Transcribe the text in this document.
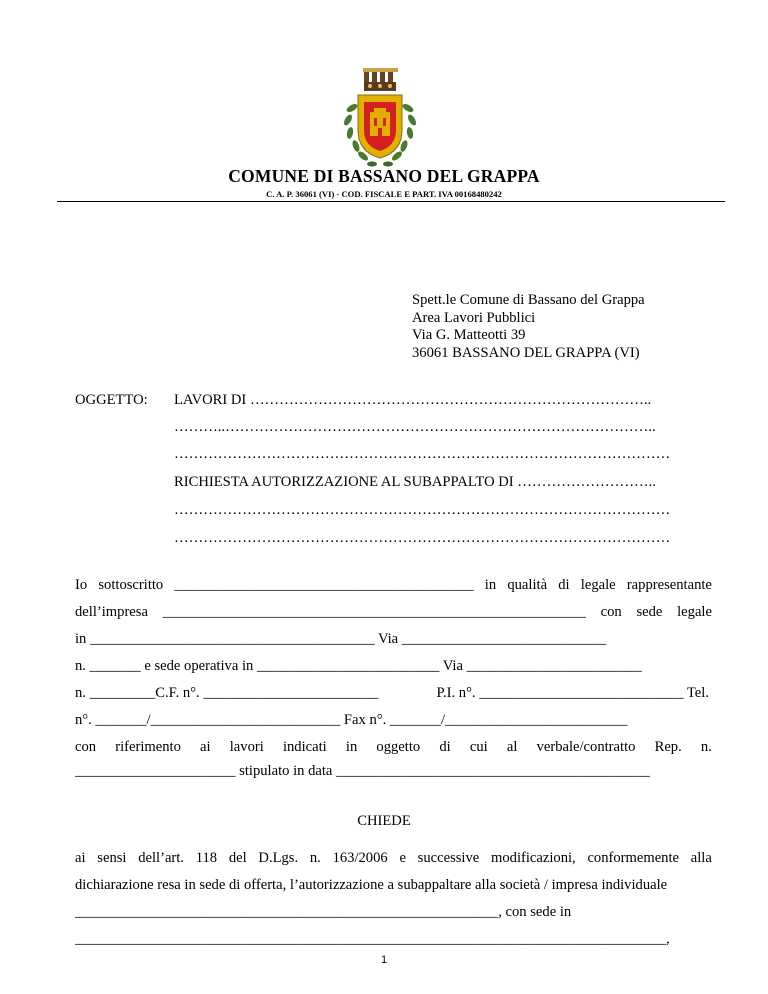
COMUNE DI BASSANO DEL GRAPPA
C. A. P. 36061 (VI) - COD. FISCALE E PART. IVA 00168480242
Spett.le Comune di Bassano del Grappa
Area Lavori Pubblici
Via G. Matteotti 39
36061 BASSANO DEL GRAPPA (VI)
OGGETTO: LAVORI DI ………………………………………………………………………..
………..……………………………………………………………………………..
…………………………………………………………………………………………
RICHIESTA AUTORIZZAZIONE AL SUBAPPALTO DI ………………………..
…………………………………………………………………………………………
…………………………………………………………………………………………
Io sottoscritto _________________________________________ in qualità di legale rappresentante
dell’impresa __________________________________________________________ con sede legale
in _______________________________________ Via ____________________________
n. _______ e sede operativa in _________________________ Via ________________________
n. _________C.F. n°. ________________________	P.I. n°. ____________________________ Tel.
n°. _______/__________________________ Fax n°. _______/_________________________
con riferimento ai lavori indicati in oggetto di cui al verbale/contratto Rep. n.
______________________ stipulato in data ___________________________________________
CHIEDE
ai sensi dell’art. 118 del D.Lgs. n. 163/2006 e successive modificazioni, conformemente alla
dichiarazione resa in sede di offerta, l’autorizzazione a subappaltare alla società / impresa individuale
__________________________________________________________, con sede in
_________________________________________________________________________________,
1
